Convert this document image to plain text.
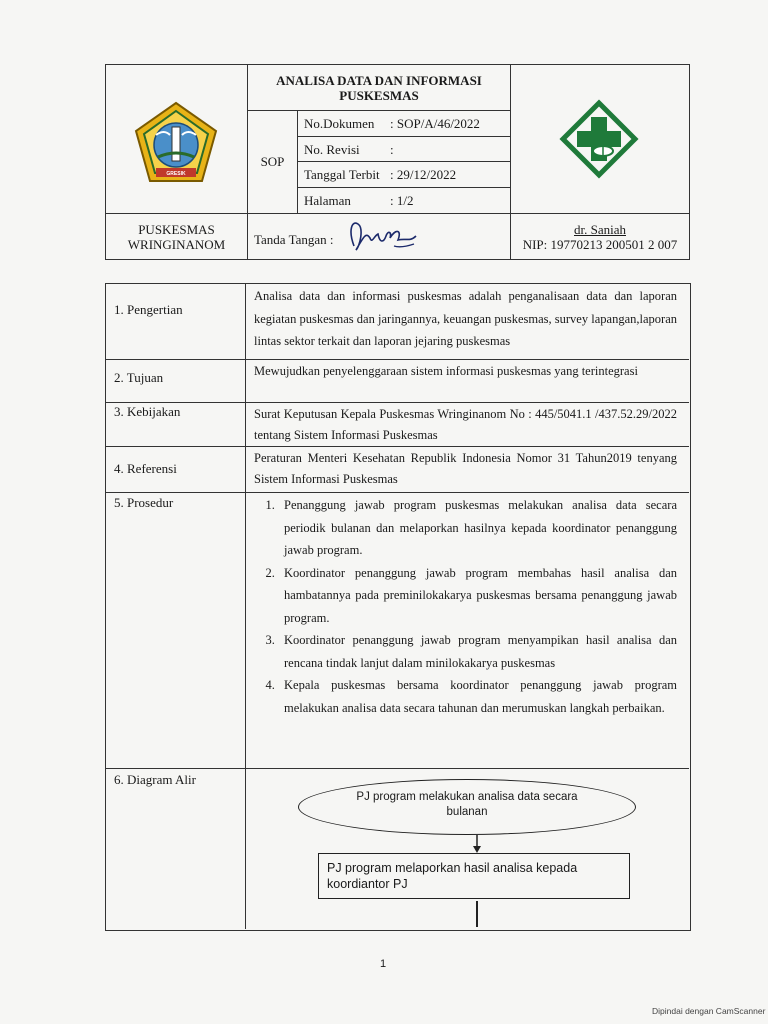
GRESIK
ANALISA DATA DAN INFORMASI
PUSKESMAS
SOP
No.Dokumen : SOP/A/46/2022
No. Revisi :
Tanggal Terbit : 29/12/2022
Halaman	: 1/2
PUSKESMAS
WRINGINANOM	Tanda Tangan :
dr. Saniah
NIP: 19770213 200501 2 007
1. Pengertian
Analisa data dan informasi puskesmas adalah penganalisaan data dan laporan kegiatan puskesmas dan jaringannya, keuangan puskesmas, survey lapangan,laporan lintas sektor terkait dan laporan jejaring puskesmas
2. Tujuan	Mewujudkan penyelenggaraan sistem informasi puskesmas yang terintegrasi
3. Kebijakan	Surat Keputusan Kepala Puskesmas Wringinanom No : 445/5041.1 /437.52.29/2022 tentang Sistem Informasi Puskesmas
4. Referensi
Peraturan Menteri Kesehatan Republik Indonesia Nomor 31 Tahun2019 tenyang Sistem Informasi Puskesmas
5. Prosedur
1.	Penanggung jawab program puskesmas melakukan analisa data secara periodik bulanan dan melaporkan hasilnya kepada koordinator penanggung jawab program.
2. Koordinator penanggung jawab program membahas hasil analisa dan hambatannya pada preminilokakarya puskesmas bersama penanggung jawab program.
3. Koordinator penanggung jawab program menyampikan hasil analisa dan rencana tindak lanjut dalam minilokakarya puskesmas
4. Kepala puskesmas bersama koordinator penanggung jawab program melakukan analisa data secara tahunan dan merumuskan langkah perbaikan.
6. Diagram Alir
PJ program melakukan analisa data secara
bulanan
PJ program melaporkan hasil analisa kepada
koordiantor PJ
1
Dipindai dengan CamScanner
